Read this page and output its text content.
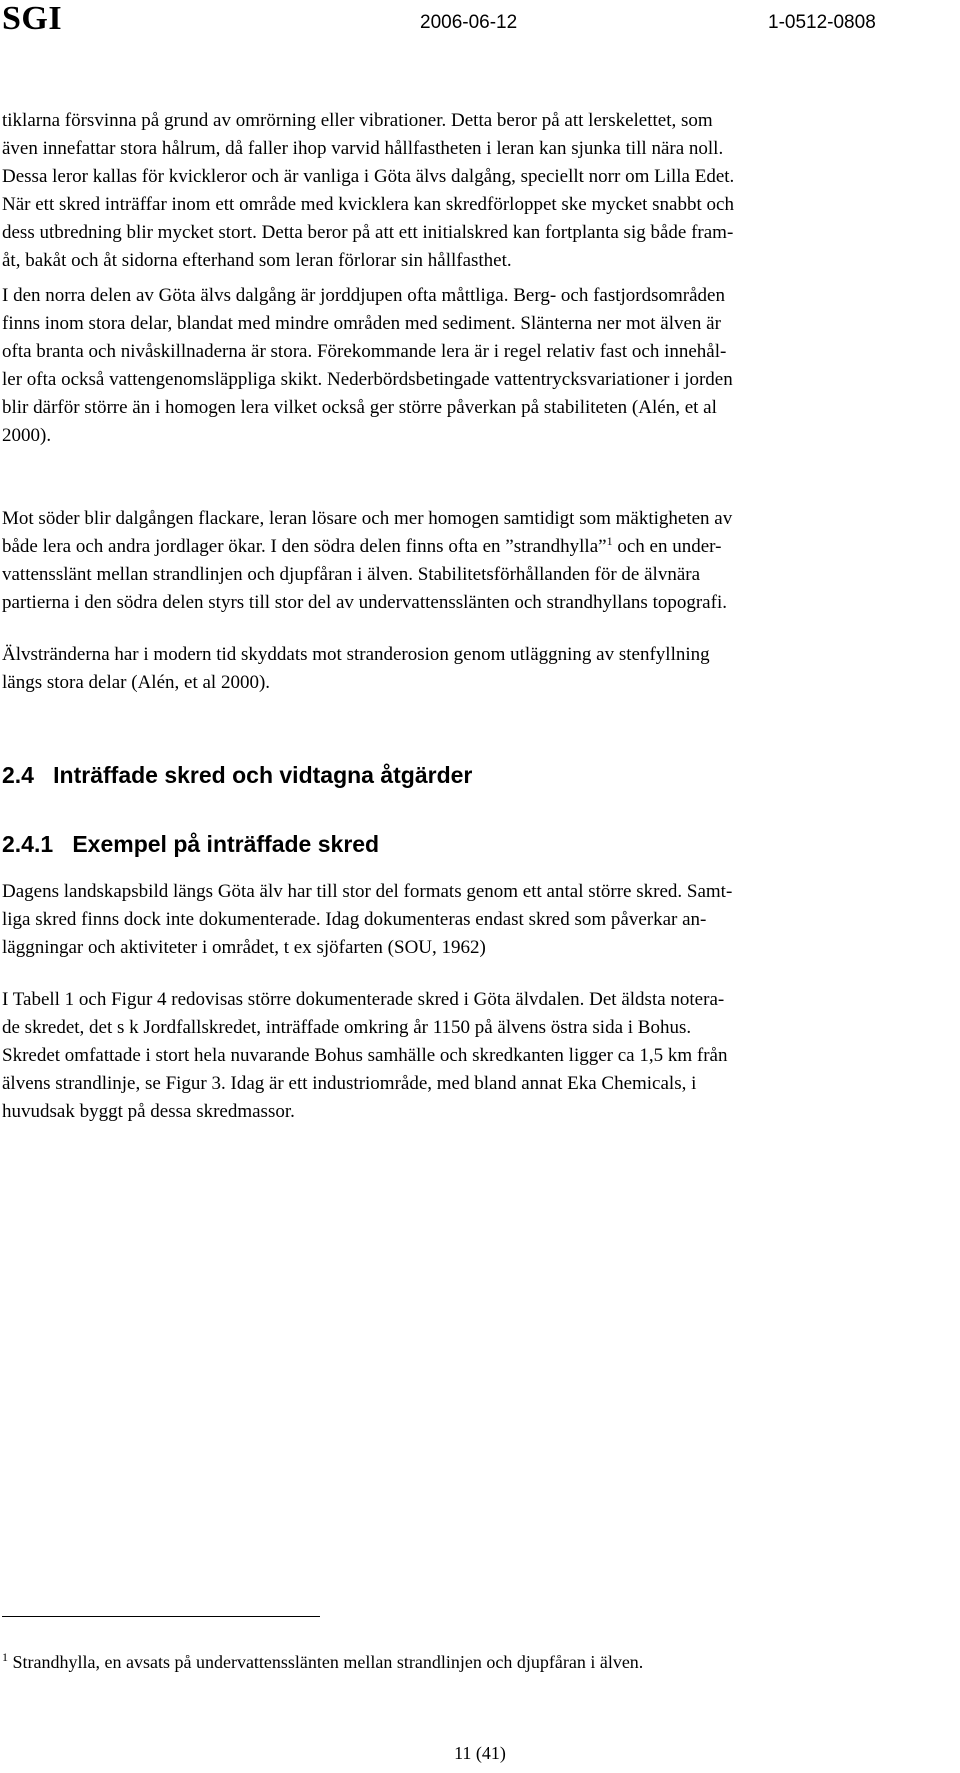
SGI	2006-06-12	1-0512-0808
tiklarna försvinna på grund av omrörning eller vibrationer. Detta beror på att lerskelettet, som
även innefattar stora hålrum, då faller ihop varvid hållfastheten i leran kan sjunka till nära noll.
Dessa leror kallas för kvickleror och är vanliga i Göta älvs dalgång, speciellt norr om Lilla Edet.
När ett skred inträffar inom ett område med kvicklera kan skredförloppet ske mycket snabbt och
dess utbredning blir mycket stort. Detta beror på att ett initialskred kan fortplanta sig både fram-
åt, bakåt och åt sidorna efterhand som leran förlorar sin hållfasthet.
I den norra delen av Göta älvs dalgång är jorddjupen ofta måttliga. Berg- och fastjordsområden
finns inom stora delar, blandat med mindre områden med sediment. Slänterna ner mot älven är
ofta branta och nivåskillnaderna är stora. Förekommande lera är i regel relativ fast och innehål-
ler ofta också vattengenomsläppliga skikt. Nederbördsbetingade vattentrycksvariationer i jorden
blir därför större än i homogen lera vilket också ger större påverkan på stabiliteten (Alén, et al
2000).
Mot söder blir dalgången flackare, leran lösare och mer homogen samtidigt som mäktigheten av
både lera och andra jordlager ökar. I den södra delen finns ofta en ”strandhylla”$^1$ och en under-
vattensslänt mellan strandlinjen och djupfåran i älven. Stabilitetsförhållanden för de älvnära
partierna i den södra delen styrs till stor del av undervattensslänten och strandhyllans topografi.
Älvstränderna har i modern tid skyddats mot stranderosion genom utläggning av stenfyllning
längs stora delar (Alén, et al 2000).
2.4 Inträffade skred och vidtagna åtgärder
2.4.1 Exempel på inträffade skred
Dagens landskapsbild längs Göta älv har till stor del formats genom ett antal större skred. Samt-
liga skred finns dock inte dokumenterade. Idag dokumenteras endast skred som påverkar an-
läggningar och aktiviteter i området, t ex sjöfarten (SOU, 1962)
I Tabell 1 och Figur 4 redovisas större dokumenterade skred i Göta älvdalen. Det äldsta notera-
de skredet, det s k Jordfallskredet, inträffade omkring år 1150 på älvens östra sida i Bohus.
Skredet omfattade i stort hela nuvarande Bohus samhälle och skredkanten ligger ca 1,5 km från
älvens strandlinje, se Figur 3. Idag är ett industriområde, med bland annat Eka Chemicals, i
huvudsak byggt på dessa skredmassor.
$^1$ Strandhylla, en avsats på undervattensslänten mellan strandlinjen och djupfåran i älven.
11 (41)
